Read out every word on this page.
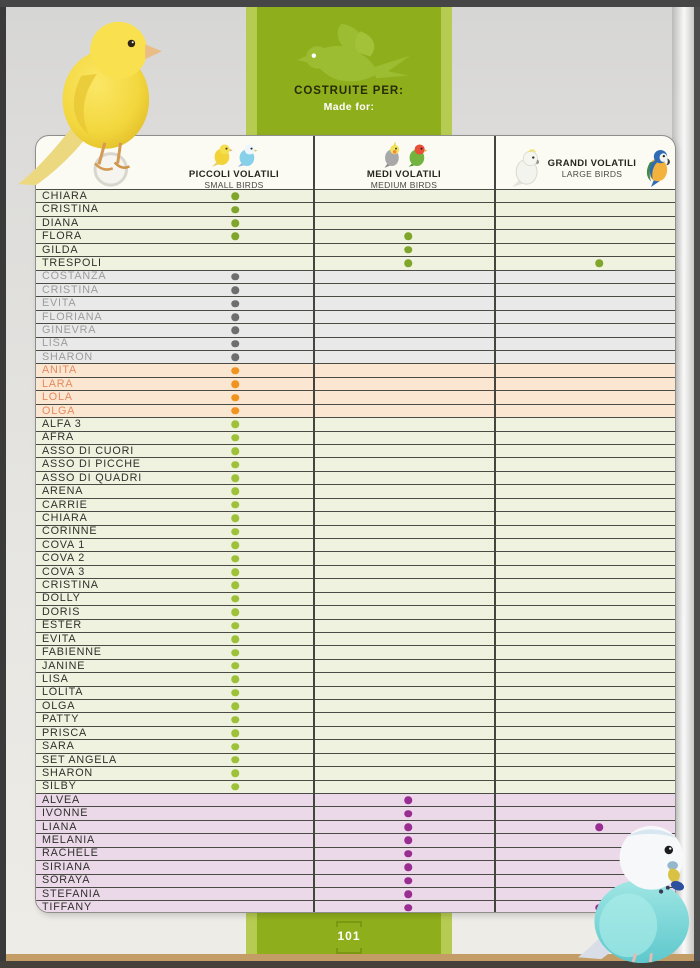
COSTRUITE PER:
Made for:
PICCOLI VOLATILI
SMALL BIRDS
MEDI VOLATILI
MEDIUM BIRDS
GRANDI VOLATILI
LARGE BIRDS
CHIARA
CRISTINA
DIANA
FLORA
GILDA
TRESPOLI
COSTANZA
CRISTINA
EVITA
FLORIANA
GINEVRA
LISA
SHARON
ANITA
LARA
LOLA
OLGA
ALFA 3
AFRA
ASSO DI CUORI
ASSO DI PICCHE
ASSO DI QUADRI
ARENA
CARRIE
CHIARA
CORINNE
COVA 1
COVA 2
COVA 3
CRISTINA
DOLLY
DORIS
ESTER
EVITA
FABIENNE
JANINE
LISA
LOLITA
OLGA
PATTY
PRISCA
SARA
SET ANGELA
SHARON
SILBY
ALVEA
IVONNE
LIANA
MELANIA
RACHELE
SIRIANA
SORAYA
STEFANIA
TIFFANY
101
